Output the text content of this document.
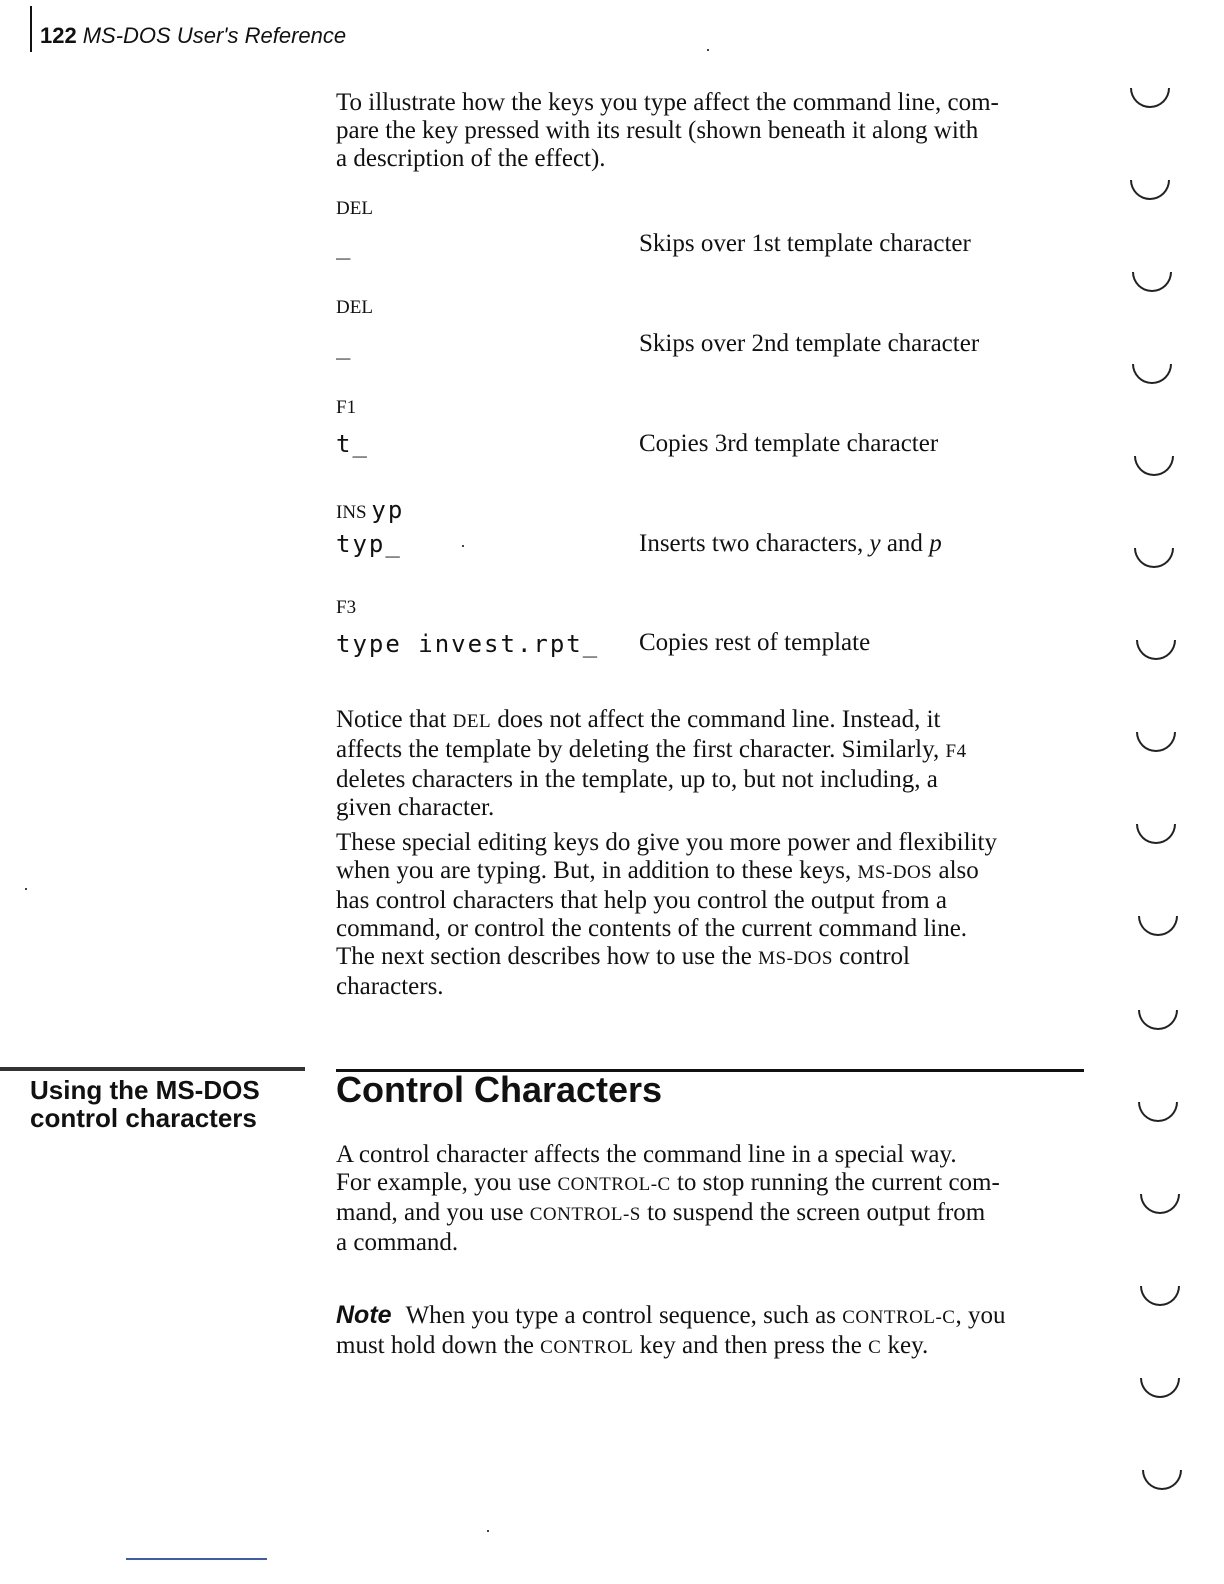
122 MS-DOS User's Reference

To illustrate how the keys you type affect the command line, com-
pare the key pressed with its result (shown beneath it along with
a description of the effect).

DEL
_	Skips over 1st template character
DEL
_	Skips over 2nd template character
F1
t_	Copies 3rd template character
INS yp
typ_	Inserts two characters, y and p
F3
type invest.rpt_ Copies rest of template

Notice that DEL does not affect the command line. Instead, it
affects the template by deleting the first character. Similarly, F4
deletes characters in the template, up to, but not including, a
given character.

These special editing keys do give you more power and flexibility
when you are typing. But, in addition to these keys, MS-DOS also
has control characters that help you control the output from a
command, or control the contents of the current command line.
The next section describes how to use the MS-DOS control
characters.

Using the MS-DOS
control characters
Control Characters

A control character affects the command line in a special way.
For example, you use CONTROL-C to stop running the current com-
mand, and you use CONTROL-S to suspend the screen output from
a command.

Note When you type a control sequence, such as CONTROL-C, you
must hold down the CONTROL key and then press the C key.
